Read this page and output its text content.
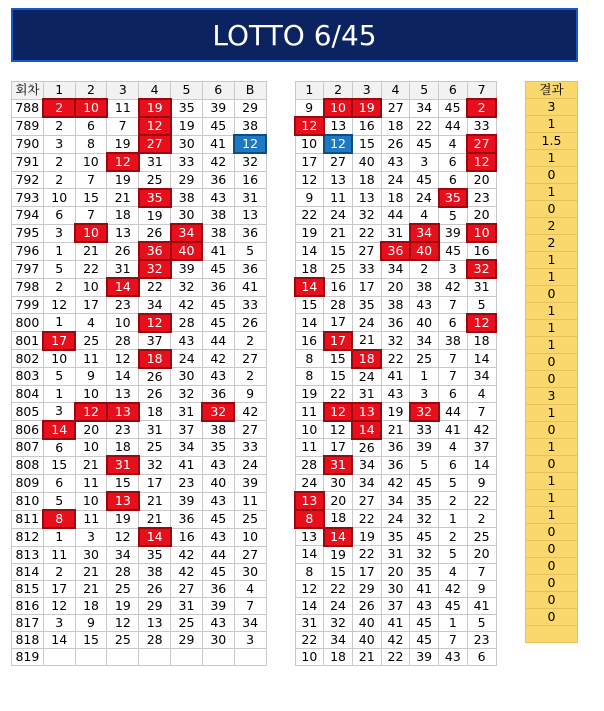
LOTTO 6/45
회차	1	2	3	4	5	6	B
788	2	10	11	19	35	39	29
789	2	6	7	12	19	45	38
790	3	8	19	27	30	41	12
791	2	10	12	31	33	42	32
792	2	7	19	25	29	36	16
793	10	15	21	35	38	43	31
794	6	7	18	19	30	38	13
795	3	10	13	26	34	38	36
796	1	21	26	36	40	41	5
797	5	22	31	32	39	45	36
798	2	10	14	22	32	36	41
799	12	17	23	34	42	45	33
800	1	4	10	12	28	45	26
801	17	25	28	37	43	44	2
802	10	11	12	18	24	42	27
803	5	9	14	26	30	43	2
804	1	10	13	26	32	36	9
805	3	12	13	18	31	32	42
806	14	20	23	31	37	38	27
807	6	10	18	25	34	35	33
808	15	21	31	32	41	43	24
809	6	11	15	17	23	40	39
810	5	10	13	21	39	43	11
811	8	11	19	21	36	45	25
812	1	3	12	14	16	43	10
813	11	30	34	35	42	44	27
814	2	21	28	38	42	45	30
815	17	21	25	26	27	36	4
816	12	18	19	29	31	39	7
817	3	9	12	13	25	43	34
818	14	15	25	28	29	30	3
819							
1	2	3	4	5	6	7
9	10	19	27	34	45	2
12	13	16	18	22	44	33
10	12	15	26	45	4	27
17	27	40	43	3	6	12
12	13	18	24	45	6	20
9	11	13	18	24	35	23
22	24	32	44	4	5	20
19	21	22	31	34	39	10
14	15	27	36	40	45	16
18	25	33	34	2	3	32
14	16	17	20	38	42	31
15	28	35	38	43	7	5
14	17	24	36	40	6	12
16	17	21	32	34	38	18
8	15	18	22	25	7	14
8	15	24	41	1	7	34
19	22	31	43	3	6	4
11	12	13	19	32	44	7
10	12	14	21	33	41	42
11	17	26	36	39	4	37
28	31	34	36	5	6	14
24	30	34	42	45	5	9
13	20	27	34	35	2	22
8	18	22	24	32	1	2
13	14	19	35	45	2	25
14	19	22	31	32	5	20
8	15	17	20	35	4	7
12	22	29	30	41	42	9
14	24	26	37	43	45	41
31	32	40	41	45	1	5
22	34	40	42	45	7	23
10	18	21	22	39	43	6
결과
3
1
1.5
1
0
1
0
2
2
1
1
0
1
1
1
0
0
3
1
0
1
0
1
1
1
0
0
0
0
0
0
